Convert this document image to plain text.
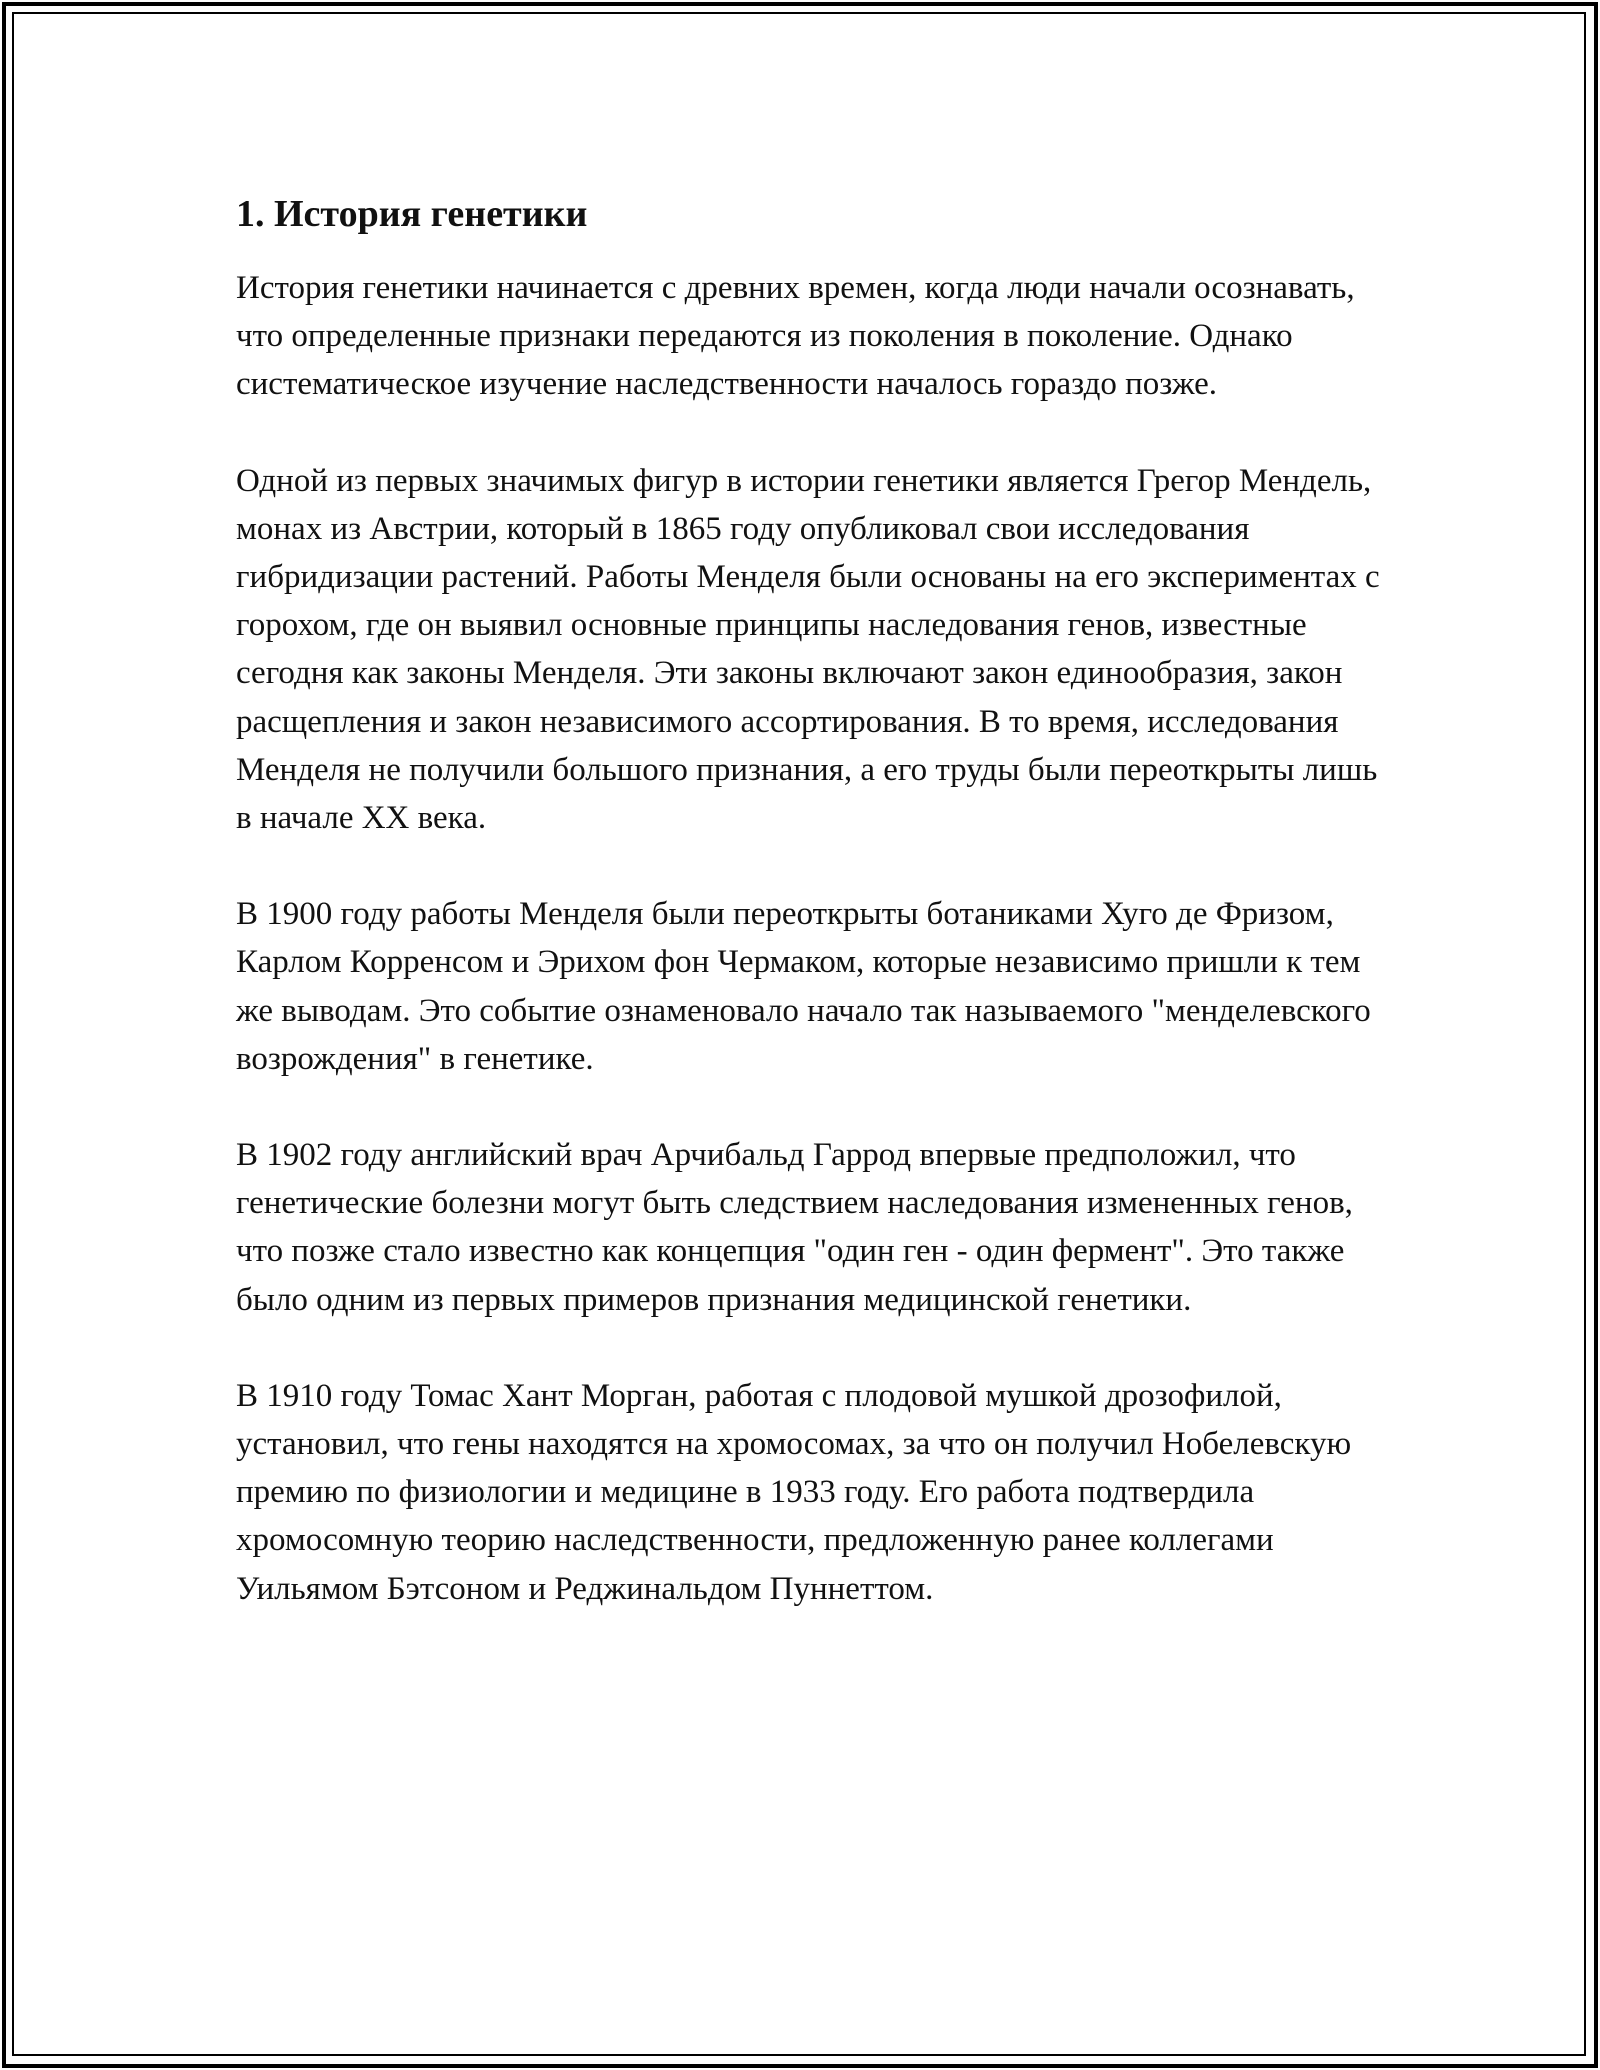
1. История генетики

История генетики начинается с древних времен, когда люди начали осознавать, что определенные признаки передаются из поколения в поколение. Однако систематическое изучение наследственности началось гораздо позже.

Одной из первых значимых фигур в истории генетики является Грегор Мендель, монах из Австрии, который в 1865 году опубликовал свои исследования гибридизации растений. Работы Менделя были основаны на его экспериментах с горохом, где он выявил основные принципы наследования генов, известные сегодня как законы Менделя. Эти законы включают закон единообразия, закон расщепления и закон независимого ассортирования. В то время, исследования Менделя не получили большого признания, а его труды были переоткрыты лишь в начале XX века.

В 1900 году работы Менделя были переоткрыты ботаниками Хуго де Фризом, Карлом Корренсом и Эрихом фон Чермаком, которые независимо пришли к тем же выводам. Это событие ознаменовало начало так называемого "менделевского возрождения" в генетике.

В 1902 году английский врач Арчибальд Гаррод впервые предположил, что генетические болезни могут быть следствием наследования измененных генов, что позже стало известно как концепция "один ген - один фермент". Это также было одним из первых примеров признания медицинской генетики.

В 1910 году Томас Хант Морган, работая с плодовой мушкой дрозофилой, установил, что гены находятся на хромосомах, за что он получил Нобелевскую премию по физиологии и медицине в 1933 году. Его работа подтвердила хромосомную теорию наследственности, предложенную ранее коллегами Уильямом Бэтсоном и Реджинальдом Пуннеттом.
